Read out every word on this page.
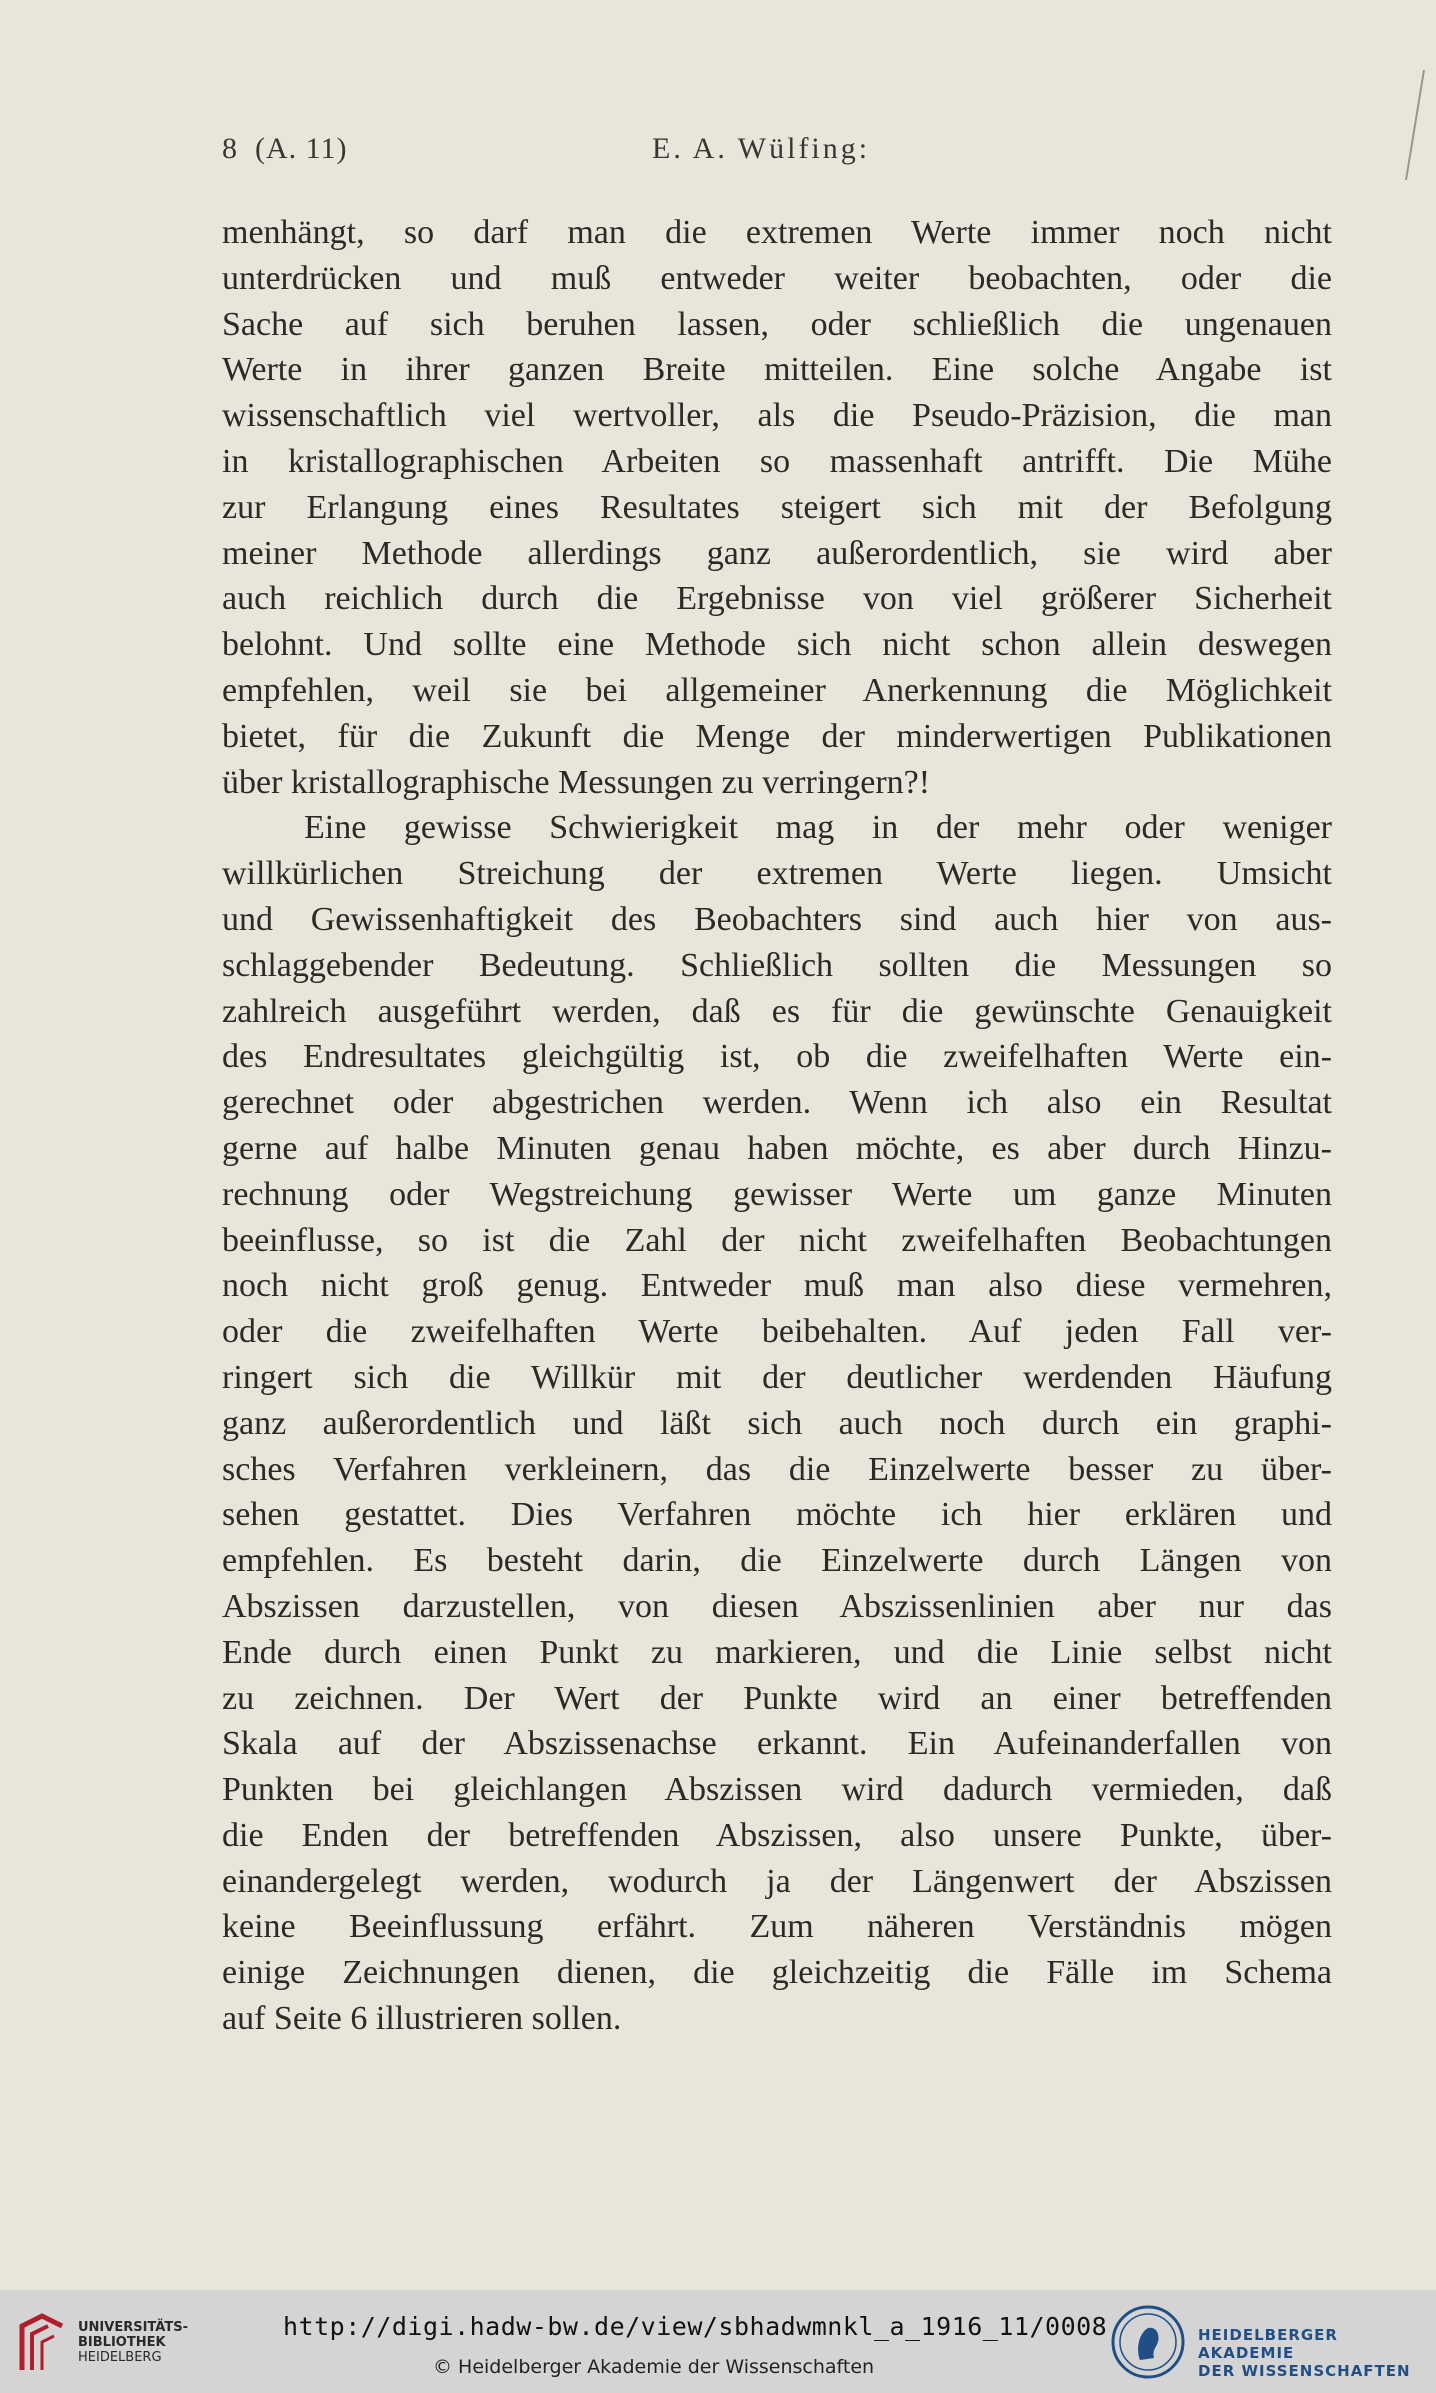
8 (A. 11)	E. A. Wülfing:
menhängt, so darf man die extremen Werte immer noch nicht
unterdrücken und muß entweder weiter beobachten, oder die
Sache auf sich beruhen lassen, oder schließlich die ungenauen
Werte in ihrer ganzen Breite mitteilen. Eine solche Angabe ist
wissenschaftlich viel wertvoller, als die Pseudo-Präzision, die man
in kristallographischen Arbeiten so massenhaft antrifft. Die Mühe
zur Erlangung eines Resultates steigert sich mit der Befolgung
meiner Methode allerdings ganz außerordentlich, sie wird aber
auch reichlich durch die Ergebnisse von viel größerer Sicherheit
belohnt. Und sollte eine Methode sich nicht schon allein deswegen
empfehlen, weil sie bei allgemeiner Anerkennung die Möglichkeit
bietet, für die Zukunft die Menge der minderwertigen Publikationen
über kristallographische Messungen zu verringern?!
Eine gewisse Schwierigkeit mag in der mehr oder weniger
willkürlichen Streichung der extremen Werte liegen. Umsicht
und Gewissenhaftigkeit des Beobachters sind auch hier von aus-
schlaggebender Bedeutung. Schließlich sollten die Messungen so
zahlreich ausgeführt werden, daß es für die gewünschte Genauigkeit
des Endresultates gleichgültig ist, ob die zweifelhaften Werte ein-
gerechnet oder abgestrichen werden. Wenn ich also ein Resultat
gerne auf halbe Minuten genau haben möchte, es aber durch Hinzu-
rechnung oder Wegstreichung gewisser Werte um ganze Minuten
beeinflusse, so ist die Zahl der nicht zweifelhaften Beobachtungen
noch nicht groß genug. Entweder muß man also diese vermehren,
oder die zweifelhaften Werte beibehalten. Auf jeden Fall ver-
ringert sich die Willkür mit der deutlicher werdenden Häufung
ganz außerordentlich und läßt sich auch noch durch ein graphi-
sches Verfahren verkleinern, das die Einzelwerte besser zu über-
sehen gestattet. Dies Verfahren möchte ich hier erklären und
empfehlen. Es besteht darin, die Einzelwerte durch Längen von
Abszissen darzustellen, von diesen Abszissenlinien aber nur das
Ende durch einen Punkt zu markieren, und die Linie selbst nicht
zu zeichnen. Der Wert der Punkte wird an einer betreffenden
Skala auf der Abszissenachse erkannt. Ein Aufeinanderfallen von
Punkten bei gleichlangen Abszissen wird dadurch vermieden, daß
die Enden der betreffenden Abszissen, also unsere Punkte, über-
einandergelegt werden, wodurch ja der Längenwert der Abszissen
keine Beeinflussung erfährt. Zum näheren Verständnis mögen
einige Zeichnungen dienen, die gleichzeitig die Fälle im Schema
auf Seite 6 illustrieren sollen.
UNIVERSITÄTS-
BIBLIOTHEK
HEIDELBERG
http://digi.hadw-bw.de/view/sbhadwmnkl_a_1916_11/0008
© Heidelberger Akademie der Wissenschaften
HEIDELBERGER AKADEMIE
DER WISSENSCHAFTEN
